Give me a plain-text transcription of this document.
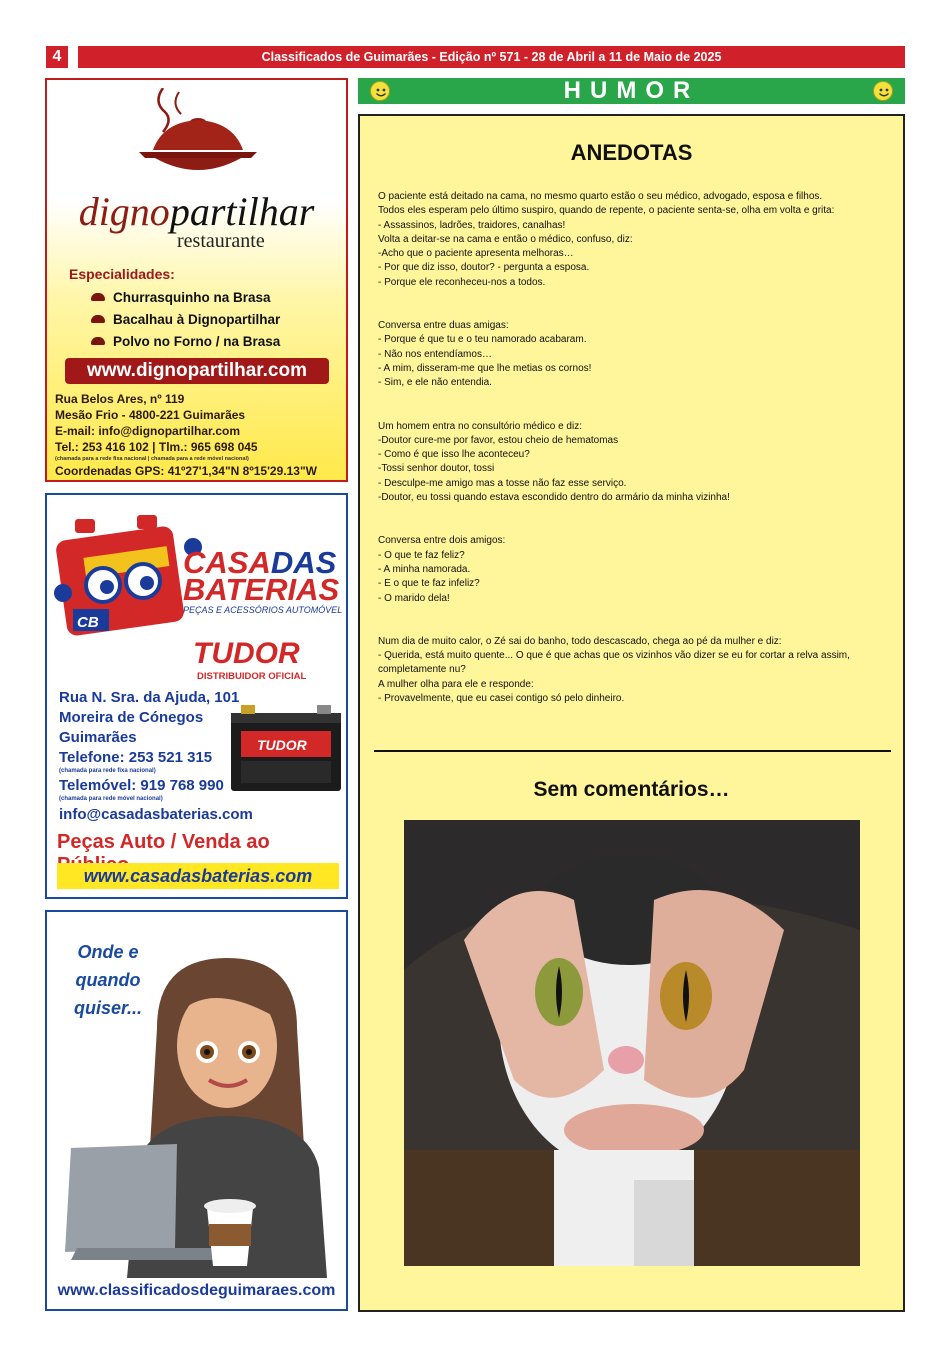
4	Classificados de Guimarães - Edição nº 571 - 28 de Abril a 11 de Maio de 2025
HUMOR
ANEDOTAS
O paciente está deitado na cama, no mesmo quarto estão o seu médico, advogado, esposa e filhos.
Todos eles esperam pelo último suspiro, quando de repente, o paciente senta-se, olha em volta e grita:
- Assassinos, ladrões, traidores, canalhas!
Volta a deitar-se na cama e então o médico, confuso, diz:
-Acho que o paciente apresenta melhoras…
- Por que diz isso, doutor? - pergunta a esposa.
- Porque ele reconheceu-nos a todos.
Conversa entre duas amigas:
- Porque é que tu e o teu namorado acabaram.
- Não nos entendíamos…
- A mim, disseram-me que lhe metias os cornos!
- Sim, e ele não entendia.
Um homem entra no consultório médico e diz:
-Doutor cure-me por favor, estou cheio de hematomas
- Como é que isso lhe aconteceu?
-Tossi senhor doutor, tossi
- Desculpe-me amigo mas a tosse não faz esse serviço.
-Doutor, eu tossi quando estava escondido dentro do armário da minha vizinha!
Conversa entre dois amigos:
- O que te faz feliz?
- A minha namorada.
- E o que te faz infeliz?
- O marido dela!
Num dia de muito calor, o Zé sai do banho, todo descascado, chega ao pé da mulher e diz:
- Querida, está muito quente... O que é que achas que os vizinhos vão dizer se eu for cortar a relva assim, completamente nu?
A mulher olha para ele e responde:
- Provavelmente, que eu casei contigo só pelo dinheiro.
Sem comentários…
dignopartilhar
restaurante
Especialidades:
Churrasquinho na Brasa
Bacalhau à Dignopartilhar
Polvo no Forno / na Brasa
www.dignopartilhar.com
Rua Belos Ares, nº 119
Mesão Frio - 4800-221 Guimarães
E-mail: info@dignopartilhar.com
Tel.: 253 416 102 | Tlm.: 965 698 045
(chamada para a rede fixa nacional | chamada para a rede móvel nacional)
Coordenadas GPS: 41º27'1,34"N 8º15'29.13"W
CB
CASADAS
BATERIAS
PEÇAS E ACESSÓRIOS AUTOMÓVEL
TUDOR
DISTRIBUIDOR OFICIAL
TUDOR
Rua N. Sra. da Ajuda, 101
Moreira de Cónegos
Guimarães
Telefone: 253 521 315
(chamada para rede fixa nacional)
Telemóvel: 919 768 990
(chamada para rede móvel nacional)
info@casadasbaterias.com
Peças Auto / Venda ao
www.casadasbaterias.com
Onde e quando quiser...
www.classificadosdeguimaraes.com
